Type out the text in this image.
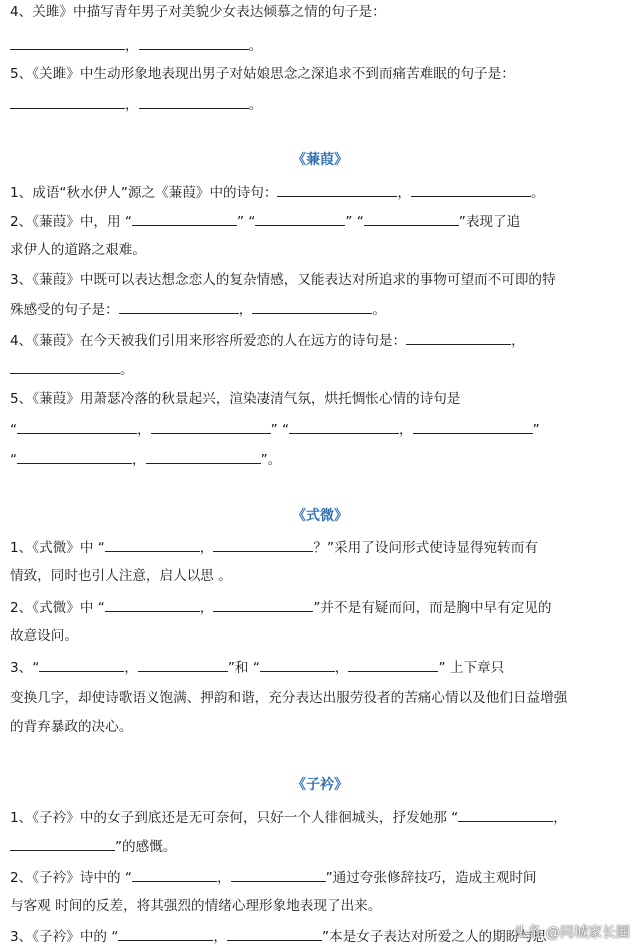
4、关雎》中描写青年男子对美貌少女表达倾慕之情的句子是：
，	。
5、《关雎》中生动形象地表现出男子对姑娘思念之深追求不到而痛苦难眠的句子是：
，	。
《蒹葭》
1、成语“秋水伊人”源之《蒹葭》中的诗句：	，	。
2、《蒹葭》中，用 “	” “	” “	”表现了追
求伊人的道路之艰难。
3、《蒹葭》中既可以表达想念恋人的复杂情感，又能表达对所追求的事物可望而不可即的特
殊感受的句子是：	，	。
4、《蒹葭》在今天被我们引用来形容所爱恋的人在远方的诗句是：	，
。
5、《蒹葭》用萧瑟冷落的秋景起兴，渲染凄清气氛，烘托惆怅心情的诗句是
“	，	” “	，	”
“	，	”。
《式微》
1、《式微》中 “	，	？”采用了设问形式使诗显得宛转而有
情致，同时也引人注意，启人以思 。
2、《式微》中 “	，	”并不是有疑而问，而是胸中早有定见的
故意设问。
3、“	，	”和 “	，	” 上下章只
变换几字，却使诗歌语义饱满、押韵和谐，充分表达出服劳役者的苦痛心情以及他们日益增强
的背弃暴政的决心。
《子衿》
1、《子衿》中的女子到底还是无可奈何，只好一个人徘徊城头，抒发她那 “	，
”的感慨。
2、《子衿》诗中的 “	，	”通过夸张修辞技巧，造成主观时间
与客观 时间的反差，将其强烈的情绪心理形象地表现了出来。
3、《子衿》中的 “	，	”本是女子表达对所爱之人的期盼与思
头条 @同城家长圈
